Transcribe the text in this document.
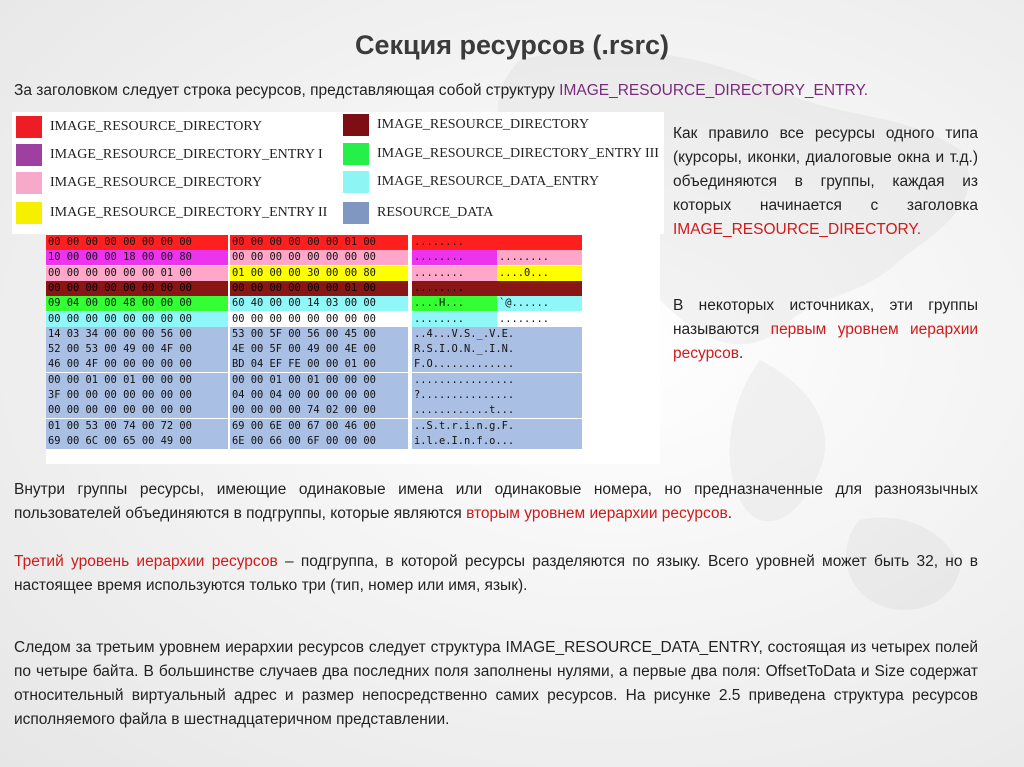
Секция ресурсов (.rsrc)
За заголовком следует строка ресурсов, представляющая собой структуру IMAGE_RESOURCE_DIRECTORY_ENTRY.
IMAGE_RESOURCE_DIRECTORY
IMAGE_RESOURCE_DIRECTORY_ENTRY I
IMAGE_RESOURCE_DIRECTORY
IMAGE_RESOURCE_DIRECTORY_ENTRY II
IMAGE_RESOURCE_DIRECTORY
IMAGE_RESOURCE_DIRECTORY_ENTRY III
IMAGE_RESOURCE_DATA_ENTRY
RESOURCE_DATA
00 00 00 00 00 00 00 00	00 00 00 00 00 00 01 00	........
10 00 00 00 18 00 00 80	00 00 00 00 00 00 00 00	........	........
00 00 00 00 00 00 01 00	01 00 00 00 30 00 00 80	........	....0...
00 00 00 00 00 00 00 00	00 00 00 00 00 00 01 00	........
09 04 00 00 48 00 00 00	60 40 00 00 14 03 00 00	....H...	`@......
00 00 00 00 00 00 00 00	00 00 00 00 00 00 00 00	........	........
14 03 34 00 00 00 56 00	53 00 5F 00 56 00 45 00	..4...V.S._.V.E.
52 00 53 00 49 00 4F 00	4E 00 5F 00 49 00 4E 00	R.S.I.O.N._.I.N.
46 00 4F 00 00 00 00 00	BD 04 EF FE 00 00 01 00	F.O.............
00 00 01 00 01 00 00 00	00 00 01 00 01 00 00 00	................
3F 00 00 00 00 00 00 00	04 00 04 00 00 00 00 00	?...............
00 00 00 00 00 00 00 00	00 00 00 00 74 02 00 00	............t...
01 00 53 00 74 00 72 00	69 00 6E 00 67 00 46 00	..S.t.r.i.n.g.F.
69 00 6C 00 65 00 49 00	6E 00 66 00 6F 00 00 00	i.l.e.I.n.f.o...
Как правило все ресурсы одного типа (курсоры, иконки, диалоговые окна и т.д.) объединяются в группы, каждая из которых начинается с заголовка IMAGE_RESOURCE_DIRECTORY.
В некоторых источниках, эти группы называются первым уровнем иерархии ресурсов.
Внутри группы ресурсы, имеющие одинаковые имена или одинаковые номера, но предназначенные для разноязычных пользователей объединяются в подгруппы, которые являются вторым уровнем иерархии ресурсов.
Третий уровень иерархии ресурсов – подгруппа, в которой ресурсы разделяются по языку. Всего уровней может быть 32, но в настоящее время используются только три (тип, номер или имя, язык).
Следом за третьим уровнем иерархии ресурсов следует структура IMAGE_RESOURCE_DATA_ENTRY, состоящая из четырех полей по четыре байта. В большинстве случаев два последних поля заполнены нулями, а первые два поля: OffsetToData и Size содержат относительный виртуальный адрес и размер непосредственно самих ресурсов. На рисунке 2.5 приведена структура ресурсов исполняемого файла в шестнадцатеричном представлении.
